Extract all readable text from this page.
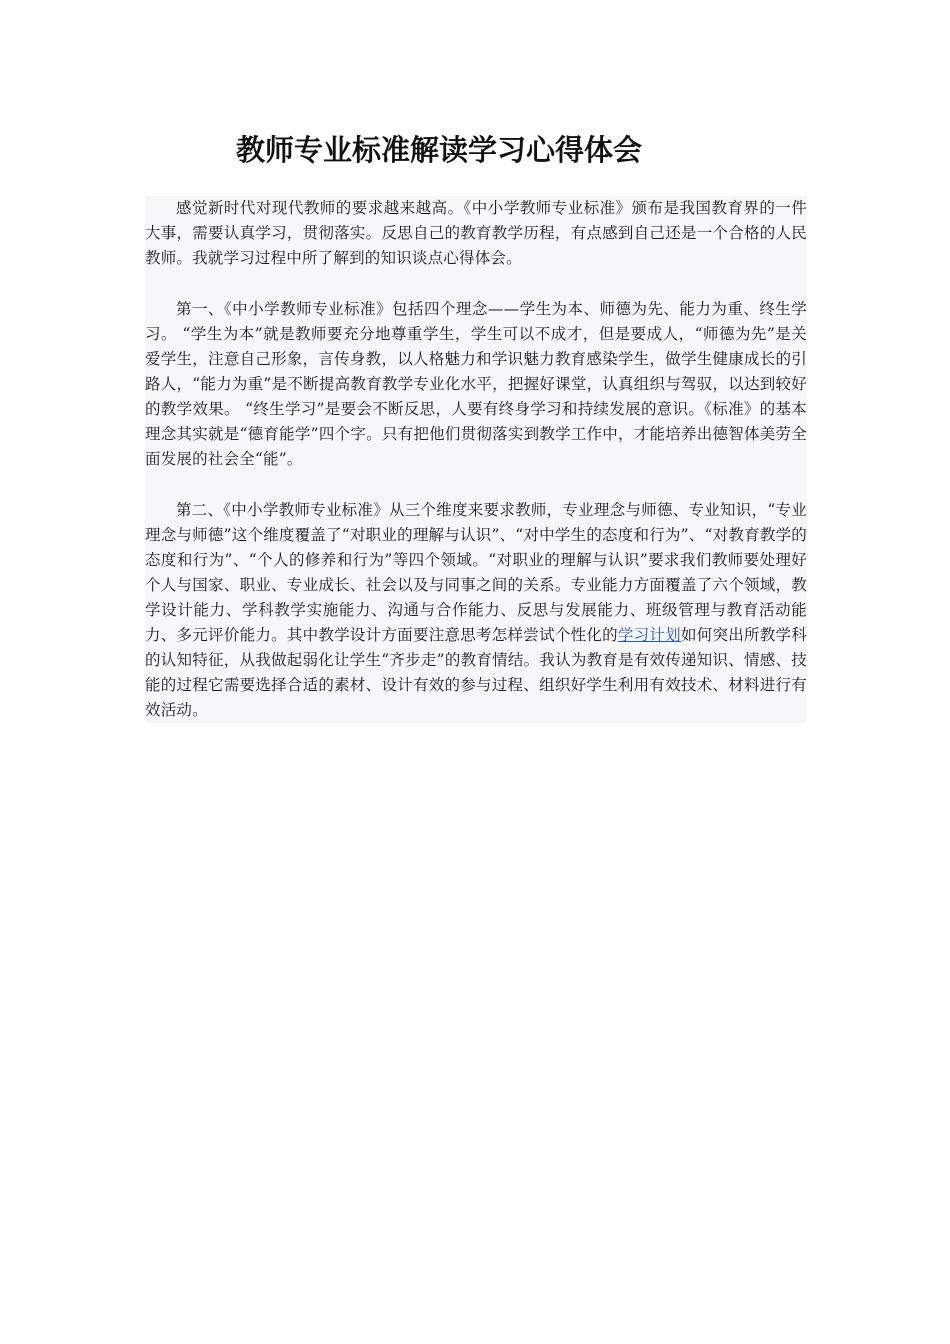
教师专业标准解读学习心得体会

感觉新时代对现代教师的要求越来越高。《中小学教师专业标准》颁布是我国教育界的一件大事，需要认真学习，贯彻落实。反思自己的教育教学历程，有点感到自己还是一个合格的人民教师。我就学习过程中所了解到的知识谈点心得体会。

第一、《中小学教师专业标准》包括四个理念——学生为本、师德为先、能力为重、终生学习。 “学生为本”就是教师要充分地尊重学生，学生可以不成才，但是要成人，“师德为先”是关爱学生，注意自己形象，言传身教，以人格魅力和学识魅力教育感染学生，做学生健康成长的引路人，“能力为重”是不断提高教育教学专业化水平，把握好课堂，认真组织与驾驭，以达到较好的教学效果。 “终生学习”是要会不断反思，人要有终身学习和持续发展的意识。《标准》的基本理念其实就是“德育能学”四个字。只有把他们贯彻落实到教学工作中，才能培养出德智体美劳全面发展的社会全“能”。

第二、《中小学教师专业标准》从三个维度来要求教师，专业理念与师德、专业知识，“专业理念与师德”这个维度覆盖了“对职业的理解与认识”、“对中学生的态度和行为”、“对教育教学的态度和行为”、“个人的修养和行为”等四个领域。“对职业的理解与认识”要求我们教师要处理好个人与国家、职业、专业成长、社会以及与同事之间的关系。专业能力方面覆盖了六个领域，教学设计能力、学科教学实施能力、沟通与合作能力、反思与发展能力、班级管理与教育活动能力、多元评价能力。其中教学设计方面要注意思考怎样尝试个性化的学习计划如何突出所教学科的认知特征，从我做起弱化让学生“齐步走”的教育情结。我认为教育是有效传递知识、情感、技能的过程它需要选择合适的素材、设计有效的参与过程、组织好学生利用有效技术、材料进行有效活动。
